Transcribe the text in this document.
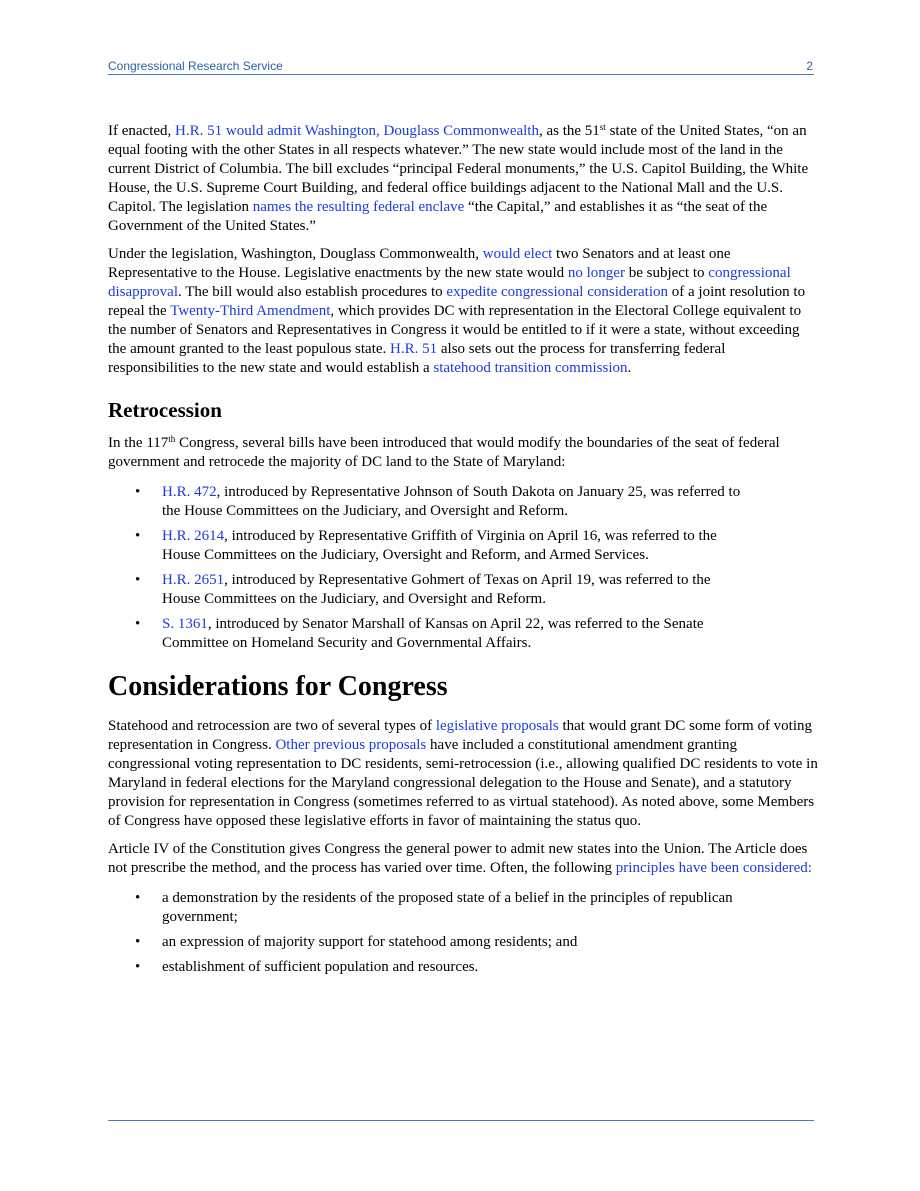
Congressional Research Service	2

If enacted, H.R. 51 would admit Washington, Douglass Commonwealth, as the 51st state of the United States, “on an equal footing with the other States in all respects whatever.” The new state would include most of the land in the current District of Columbia. The bill excludes “principal Federal monuments,” the U.S. Capitol Building, the White House, the U.S. Supreme Court Building, and federal office buildings adjacent to the National Mall and the U.S. Capitol. The legislation names the resulting federal enclave “the Capital,” and establishes it as “the seat of the Government of the United States.”

Under the legislation, Washington, Douglass Commonwealth, would elect two Senators and at least one Representative to the House. Legislative enactments by the new state would no longer be subject to congressional disapproval. The bill would also establish procedures to expedite congressional consideration of a joint resolution to repeal the Twenty-Third Amendment, which provides DC with representation in the Electoral College equivalent to the number of Senators and Representatives in Congress it would be entitled to if it were a state, without exceeding the amount granted to the least populous state. H.R. 51 also sets out the process for transferring federal responsibilities to the new state and would establish a statehood transition commission.

Retrocession

In the 117th Congress, several bills have been introduced that would modify the boundaries of the seat of federal government and retrocede the majority of DC land to the State of Maryland:

• H.R. 472, introduced by Representative Johnson of South Dakota on January 25, was referred to the House Committees on the Judiciary, and Oversight and Reform.
• H.R. 2614, introduced by Representative Griffith of Virginia on April 16, was referred to the House Committees on the Judiciary, Oversight and Reform, and Armed Services.
• H.R. 2651, introduced by Representative Gohmert of Texas on April 19, was referred to the House Committees on the Judiciary, and Oversight and Reform.
• S. 1361, introduced by Senator Marshall of Kansas on April 22, was referred to the Senate Committee on Homeland Security and Governmental Affairs.
Considerations for Congress

Statehood and retrocession are two of several types of legislative proposals that would grant DC some form of voting representation in Congress. Other previous proposals have included a constitutional amendment granting congressional voting representation to DC residents, semi-retrocession (i.e., allowing qualified DC residents to vote in Maryland in federal elections for the Maryland congressional delegation to the House and Senate), and a statutory provision for representation in Congress (sometimes referred to as virtual statehood). As noted above, some Members of Congress have opposed these legislative efforts in favor of maintaining the status quo.

Article IV of the Constitution gives Congress the general power to admit new states into the Union. The Article does not prescribe the method, and the process has varied over time. Often, the following principles have been considered:

• a demonstration by the residents of the proposed state of a belief in the principles of republican government;
• an expression of majority support for statehood among residents; and
• establishment of sufficient population and resources.
